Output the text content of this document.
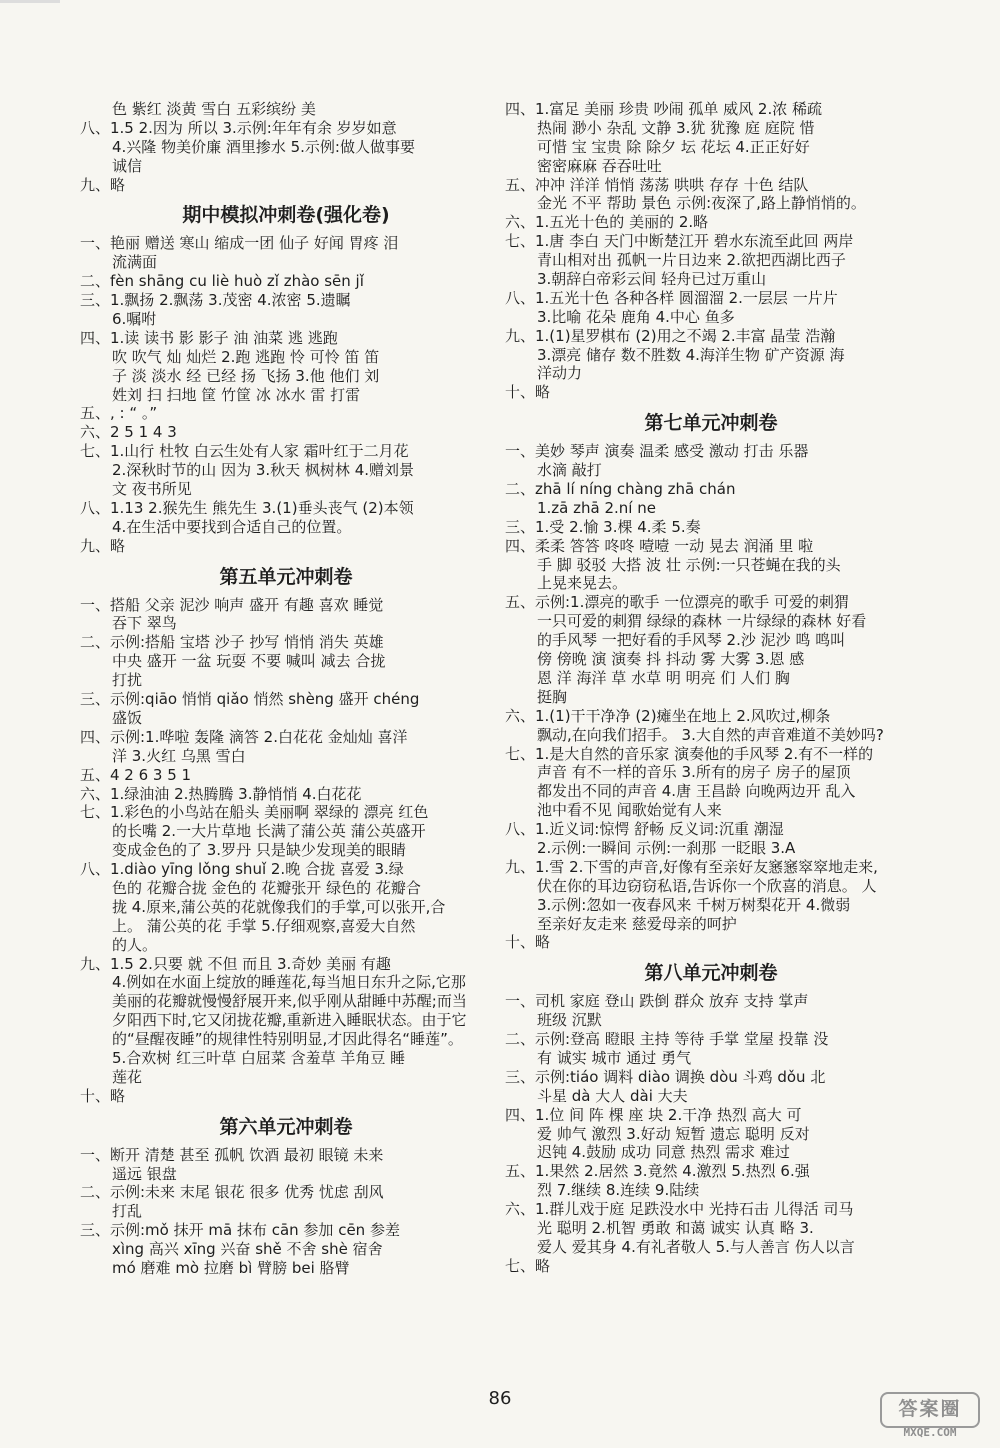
色 紫红 淡黄 雪白 五彩缤纷 美
八、1.5 2.因为 所以 3.示例:年年有余 岁岁如意
4.兴隆 物美价廉 酒里掺水 5.示例:做人做事要
诚信
九、略
期中模拟冲刺卷(强化卷)
一、艳丽 赠送 寒山 缩成一团 仙子 好闻 胃疼 泪
流满面
二、fèn shāng cu liè huò zǐ zhào sēn jǐ
三、1.飘扬 2.飘荡 3.茂密 4.浓密 5.遗瞩
6.嘱咐
四、1.读 读书 影 影子 油 油菜 逃 逃跑
吹 吹气 灿 灿烂 2.跑 逃跑 怜 可怜 笛 笛
子 淡 淡水 经 已经 扬 飞扬 3.他 他们 刘
姓刘 扫 扫地 筐 竹筐 冰 冰水 雷 打雷
五、, : “ 。”
六、2 5 1 4 3
七、1.山行 杜牧 白云生处有人家 霜叶红于二月花
2.深秋时节的山 因为 3.秋天 枫树林 4.赠刘景
文 夜书所见
八、1.13 2.猴先生 熊先生 3.(1)垂头丧气 (2)本领
4.在生活中要找到合适自己的位置。
九、略
第五单元冲刺卷
一、搭船 父亲 泥沙 响声 盛开 有趣 喜欢 睡觉
吞下 翠鸟
二、示例:搭船 宝塔 沙子 抄写 悄悄 消失 英雄
中央 盛开 一盆 玩耍 不要 喊叫 减去 合拢
打扰
三、示例:qiāo 悄悄 qiǎo 悄然 shèng 盛开 chéng
盛饭
四、示例:1.哗啦 轰隆 滴答 2.白花花 金灿灿 喜洋
洋 3.火红 乌黑 雪白
五、4 2 6 3 5 1
六、1.绿油油 2.热腾腾 3.静悄悄 4.白花花
七、1.彩色的小鸟站在船头 美丽啊 翠绿的 漂亮 红色
的长嘴 2.一大片草地 长满了蒲公英 蒲公英盛开
变成金色的了 3.罗丹 只是缺少发现美的眼睛
八、1.diào yīng lǒng shuǐ 2.晚 合拢 喜爱 3.绿
色的 花瓣合拢 金色的 花瓣张开 绿色的 花瓣合
拢 4.原来,蒲公英的花就像我们的手掌,可以张开,合
上。 蒲公英的花 手掌 5.仔细观察,喜爱大自然
的人。
九、1.5 2.只要 就 不但 而且 3.奇妙 美丽 有趣
4.例如在水面上绽放的睡莲花,每当旭日东升之际,它那
美丽的花瓣就慢慢舒展开来,似乎刚从甜睡中苏醒;而当
夕阳西下时,它又闭拢花瓣,重新进入睡眠状态。由于它
的“昼醒夜睡”的规律性特别明显,才因此得名“睡莲”。
5.合欢树 红三叶草 白屈菜 含羞草 羊角豆 睡
莲花
十、略
第六单元冲刺卷
一、断开 清楚 甚至 孤帆 饮酒 最初 眼镜 未来
遥远 银盘
二、示例:未来 末尾 银花 很多 优秀 忧虑 刮风
打乱
三、示例:mǒ 抹开 mā 抹布 cān 参加 cēn 参差
xìng 高兴 xīng 兴奋 shě 不舍 shè 宿舍
mó 磨难 mò 拉磨 bì 臂膀 bei 胳臂
四、1.富足 美丽 珍贵 吵闹 孤单 威风 2.浓 稀疏
热闹 渺小 杂乱 文静 3.犹 犹豫 庭 庭院 惜
可惜 宝 宝贵 除 除夕 坛 花坛 4.正正好好
密密麻麻 吞吞吐吐
五、冲冲 洋洋 悄悄 荡荡 哄哄 存存 十色 结队
金光 不平 帮助 景色 示例:夜深了,路上静悄悄的。
六、1.五光十色的 美丽的 2.略
七、1.唐 李白 天门中断楚江开 碧水东流至此回 两岸
青山相对出 孤帆一片日边来 2.欲把西湖比西子
3.朝辞白帝彩云间 轻舟已过万重山
八、1.五光十色 各种各样 圆溜溜 2.一层层 一片片
3.比喻 花朵 鹿角 4.中心 鱼多
九、1.(1)星罗棋布 (2)用之不竭 2.丰富 晶莹 浩瀚
3.漂亮 储存 数不胜数 4.海洋生物 矿产资源 海
洋动力
十、略
第七单元冲刺卷
一、美妙 琴声 演奏 温柔 感受 激动 打击 乐器
水滴 敲打
二、zhā lí níng chàng zhā chán
1.zā zhā 2.ní ne
三、1.受 2.愉 3.棵 4.柔 5.奏
四、柔柔 答答 咚咚 噎噎 一动 晃去 润涌 里 啦
手 脚 驳驳 大搭 波 壮 示例:一只苍蝇在我的头
上晃来晃去。
五、示例:1.漂亮的歌手 一位漂亮的歌手 可爱的刺猬
一只可爱的刺猬 绿绿的森林 一片绿绿的森林 好看
的手风琴 一把好看的手风琴 2.沙 泥沙 鸣 鸣叫
傍 傍晚 演 演奏 抖 抖动 雾 大雾 3.恩 感
恩 洋 海洋 草 水草 明 明亮 们 人们 胸
挺胸
六、1.(1)干干净净 (2)瘫坐在地上 2.风吹过,柳条
飘动,在向我们招手。 3.大自然的声音难道不美妙吗?
七、1.是大自然的音乐家 演奏他的手风琴 2.有不一样的
声音 有不一样的音乐 3.所有的房子 房子的屋顶
都发出不同的声音 4.唐 王昌龄 向晚两边开 乱入
池中看不见 闻歌始觉有人来
八、1.近义词:惊愕 舒畅 反义词:沉重 潮湿
2.示例:一瞬间 示例:一刹那 一眨眼 3.A
九、1.雪 2.下雪的声音,好像有至亲好友窸窸窣窣地走来,
伏在你的耳边窃窃私语,告诉你一个欣喜的消息。 人
3.示例:忽如一夜春风来 千树万树梨花开 4.微弱
至亲好友走来 慈爱母亲的呵护
十、略
第八单元冲刺卷
一、司机 家庭 登山 跌倒 群众 放弃 支持 掌声
班级 沉默
二、示例:登高 瞪眼 主持 等待 手掌 堂屋 投靠 没
有 诚实 城市 通过 勇气
三、示例:tiáo 调料 diào 调换 dòu 斗鸡 dǒu 北
斗星 dà 大人 dài 大夫
四、1.位 间 阵 棵 座 块 2.干净 热烈 高大 可
爱 帅气 激烈 3.好动 短暂 遗忘 聪明 反对
迟钝 4.鼓励 成功 同意 热烈 需求 难过
五、1.果然 2.居然 3.竟然 4.激烈 5.热烈 6.强
烈 7.继续 8.连续 9.陆续
六、1.群儿戏于庭 足跌没水中 光持石击 儿得活 司马
光 聪明 2.机智 勇敢 和蔼 诚实 认真 略 3.
爱人 爱其身 4.有礼者敬人 5.与人善言 伤人以言
七、略
86	答案圈
MXQE.COM
